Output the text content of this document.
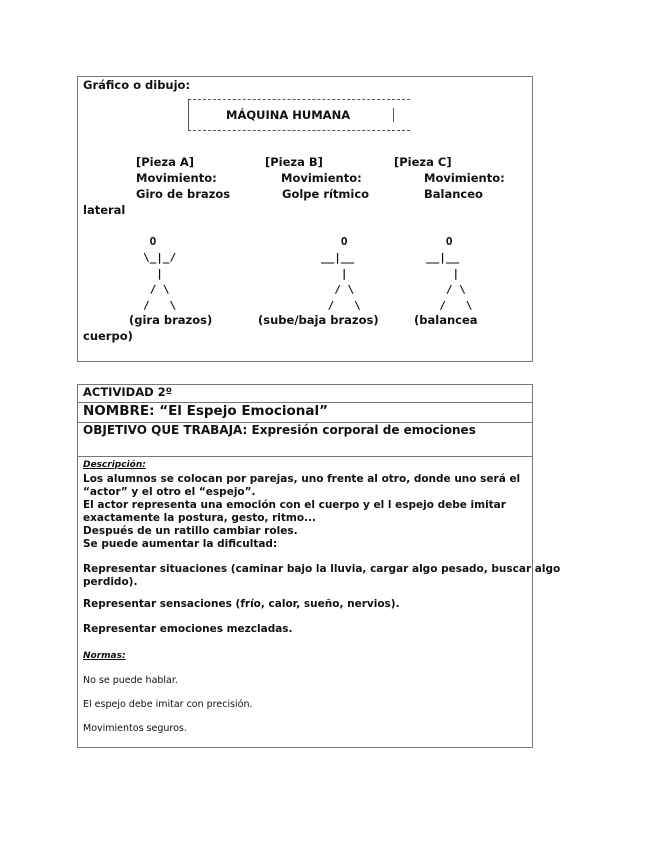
Gráfico o dibujo:
MÁQUINA HUMANA
[Pieza A]	[Pieza B]	[Pieza C]
Movimiento:	Movimiento:	Movimiento:
Giro de brazos	Golpe rítmico	Balanceo
lateral
O
\_|_/
|
/ \
/   \
O
__|__
|
/ \
/   \
O
__|__
|
/ \
/   \
(gira brazos)	(sube/baja brazos)	(balancea
cuerpo)
ACTIVIDAD 2º
NOMBRE: “El Espejo Emocional”
OBJETIVO QUE TRABAJA: Expresión corporal de emociones
Descripción:
Los alumnos se colocan por parejas, uno frente al otro, donde uno será el
“actor” y el otro el “espejo”.
El actor representa una emoción con el cuerpo y el l espejo debe imitar
exactamente la postura, gesto, ritmo...
Después de un ratillo cambiar roles.
Se puede aumentar la dificultad:
Representar situaciones (caminar bajo la lluvia, cargar algo pesado, buscar algo
perdido).
Representar sensaciones (frío, calor, sueño, nervios).
Representar emociones mezcladas.
Normas:
No se puede hablar.
El espejo debe imitar con precisión.
Movimientos seguros.
